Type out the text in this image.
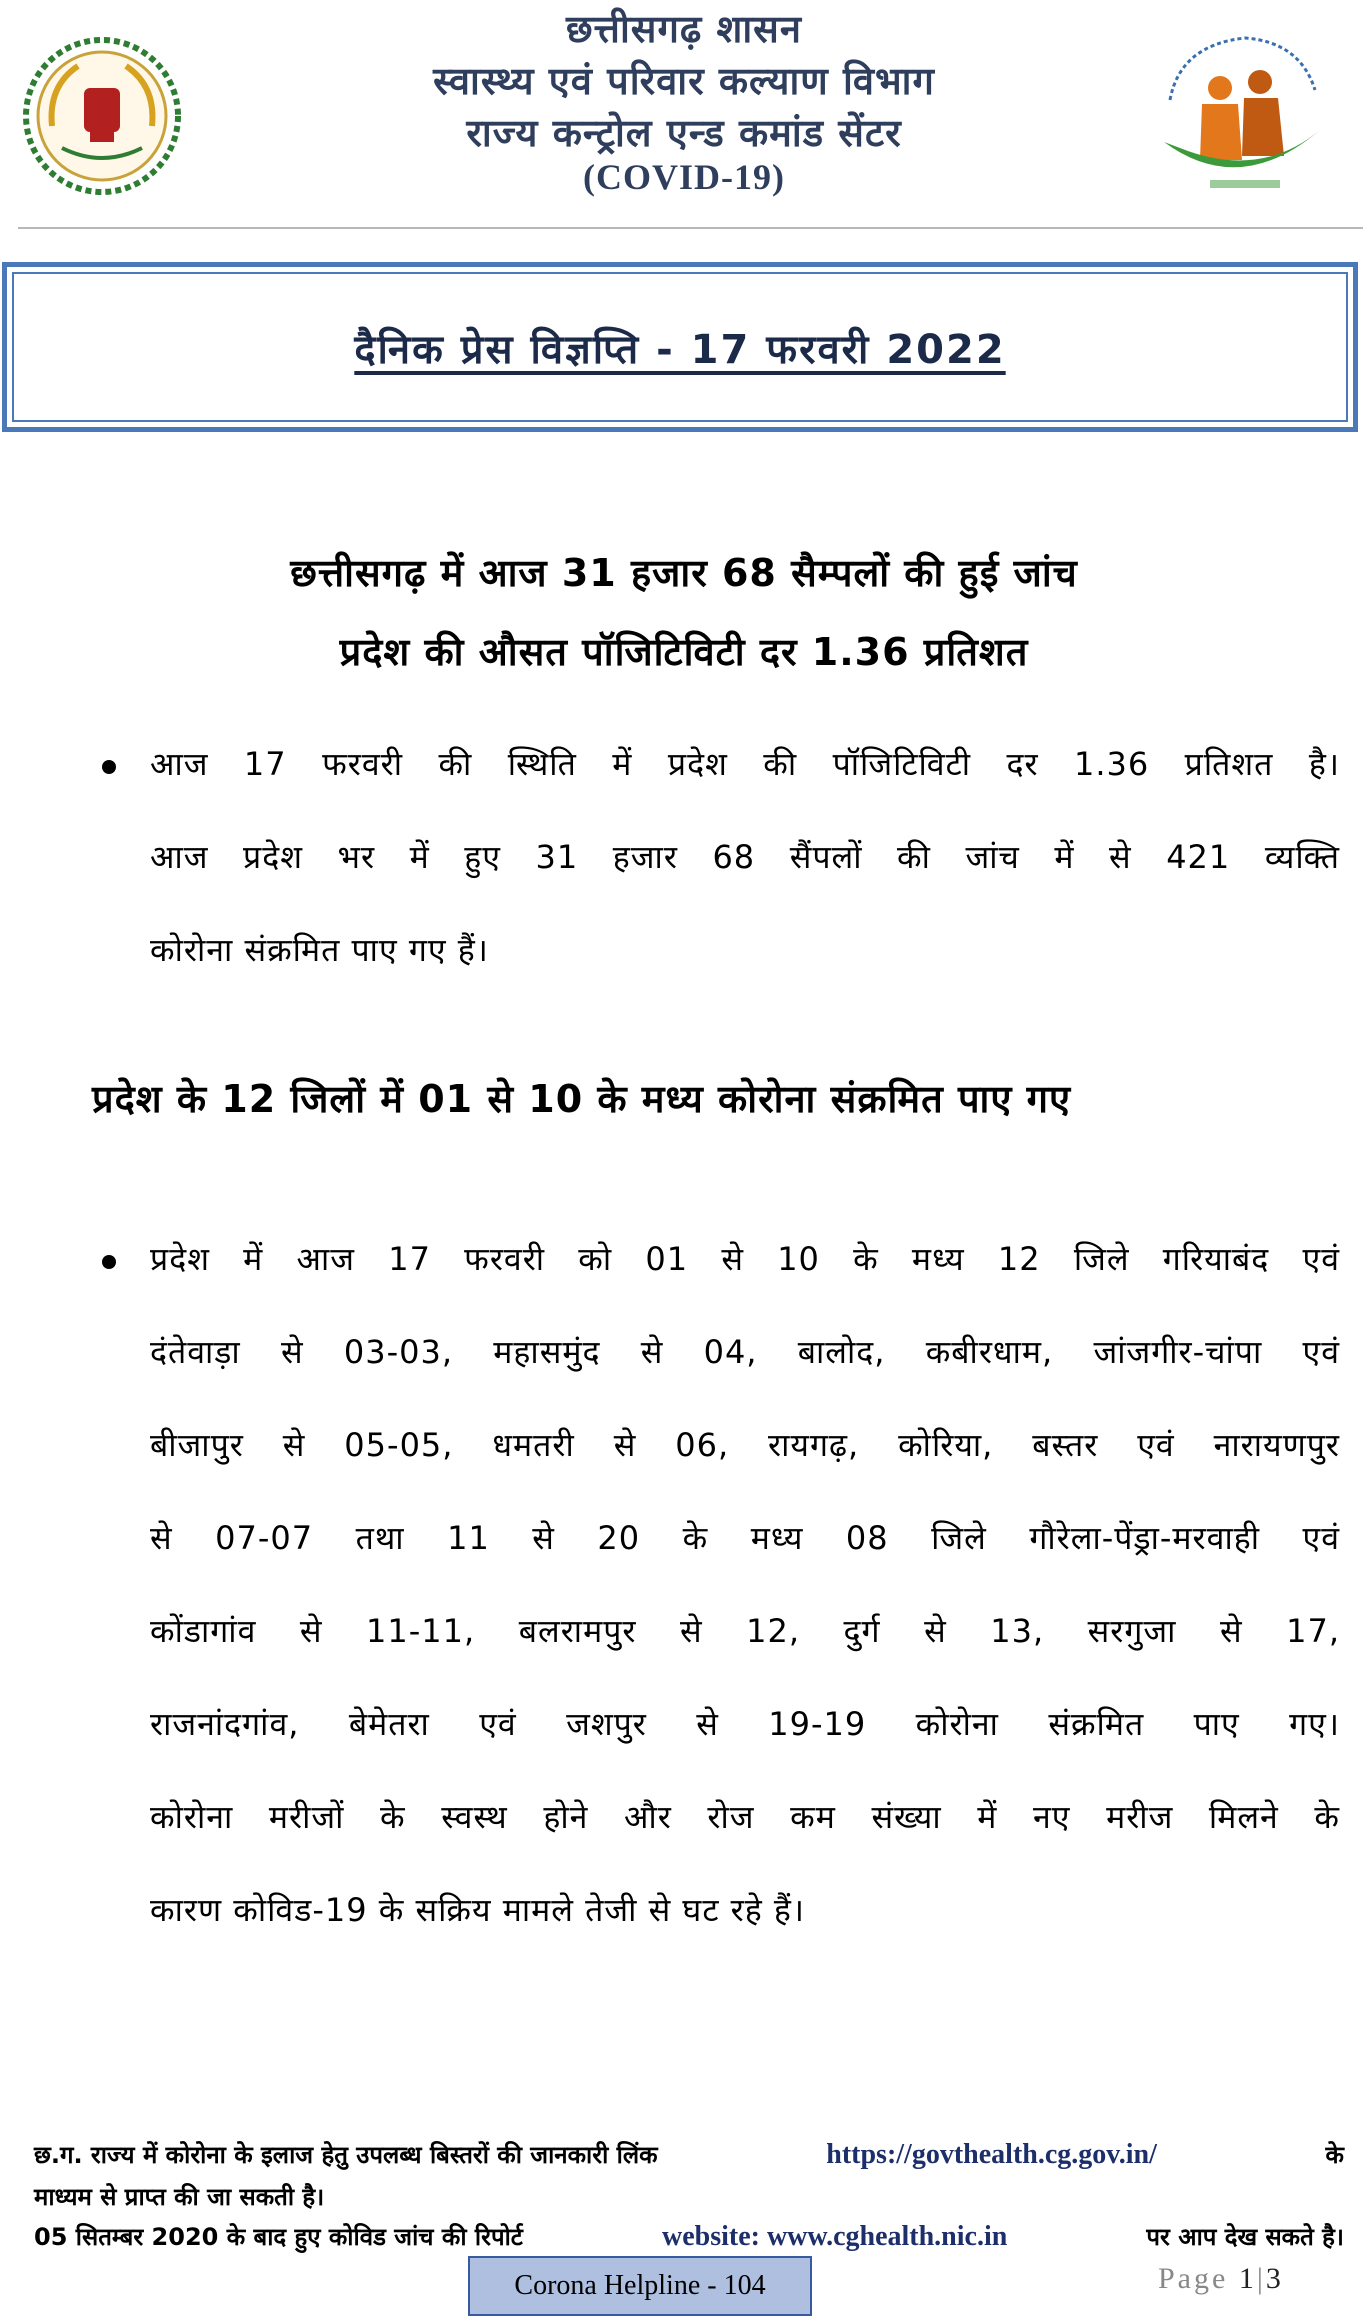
छत्तीसगढ़ शासन
स्वास्थ्य एवं परिवार कल्याण विभाग
राज्य कन्ट्रोल एन्ड कमांड सेंटर
(COVID-19)
दैनिक प्रेस विज्ञप्ति - 17 फरवरी 2022
छत्तीसगढ़ में आज 31 हजार 68 सैम्पलों की हुई जांच
प्रदेश की औसत पॉजिटिविटी दर 1.36 प्रतिशत
आज 17 फरवरी की स्थिति में प्रदेश की पॉजिटिविटी दर 1.36 प्रतिशत है।
आज प्रदेश भर में हुए 31 हजार 68 सैंपलों की जांच में से 421 व्यक्ति
कोरोना संक्रमित पाए गए हैं।
प्रदेश के 12 जिलों में 01 से 10 के मध्य कोरोना संक्रमित पाए गए
प्रदेश में आज 17 फरवरी को 01 से 10 के मध्य 12 जिले गरियाबंद एवं
दंतेवाड़ा से 03-03, महासमुंद से 04, बालोद, कबीरधाम, जांजगीर-चांपा एवं
बीजापुर से 05-05, धमतरी से 06, रायगढ़, कोरिया, बस्तर एवं नारायणपुर
से 07-07 तथा 11 से 20 के मध्य 08 जिले गौरेला-पेंड्रा-मरवाही एवं
कोंडागांव से 11-11, बलरामपुर से 12, दुर्ग से 13, सरगुजा से 17,
राजनांदगांव, बेमेतरा एवं जशपुर से 19-19 कोरोना संक्रमित पाए गए।
कोरोना मरीजों के स्वस्थ होने और रोज कम संख्या में नए मरीज मिलने के
कारण कोविड-19 के सक्रिय मामले तेजी से घट रहे हैं।
छ.ग. राज्य में कोरोना के इलाज हेतु उपलब्ध बिस्तरों की जानकारी लिंक	https://govthealth.cg.gov.in/	के
माध्यम से प्राप्त की जा सकती है।
05 सितम्बर 2020 के बाद हुए कोविड जांच की रिपोर्ट	website: www.cghealth.nic.in	पर आप देख सकते है।
Corona Helpline - 104	Page 1|3
